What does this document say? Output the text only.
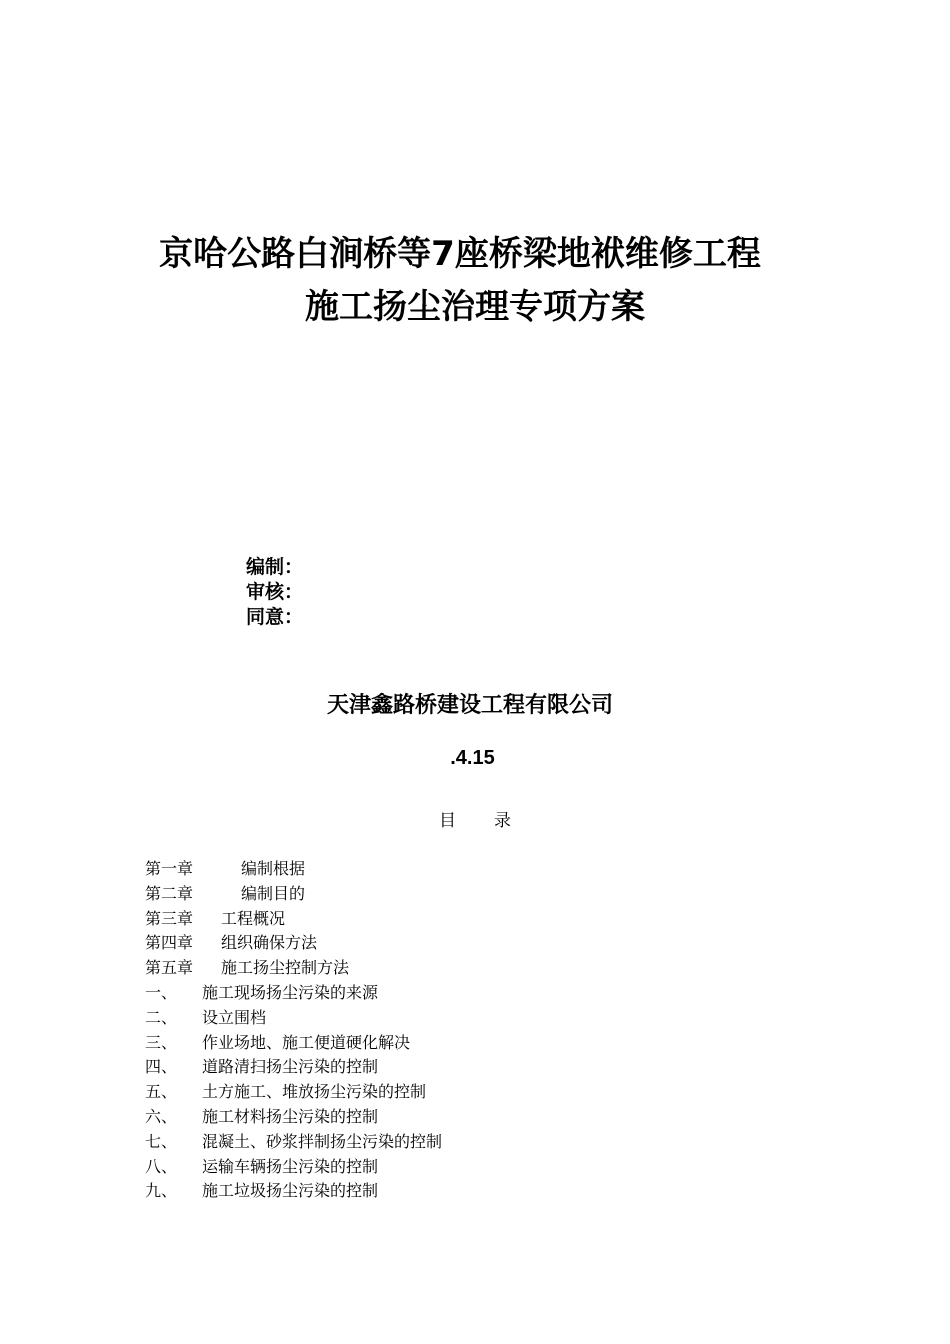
京哈公路白涧桥等7座桥梁地袱维修工程
施工扬尘治理专项方案
编制：
审核：
同意：
天津鑫路桥建设工程有限公司
.4.15
目 录
第一章	编制根据
第二章	编制目的
第三章 工程概况
第四章 组织确保方法
第五章 施工扬尘控制方法
一、 施工现场扬尘污染的来源
二、 设立围档
三、 作业场地、施工便道硬化解决
四、 道路清扫扬尘污染的控制
五、 土方施工、堆放扬尘污染的控制
六、 施工材料扬尘污染的控制
七、 混凝土、砂浆拌制扬尘污染的控制
八、 运输车辆扬尘污染的控制
九、 施工垃圾扬尘污染的控制
